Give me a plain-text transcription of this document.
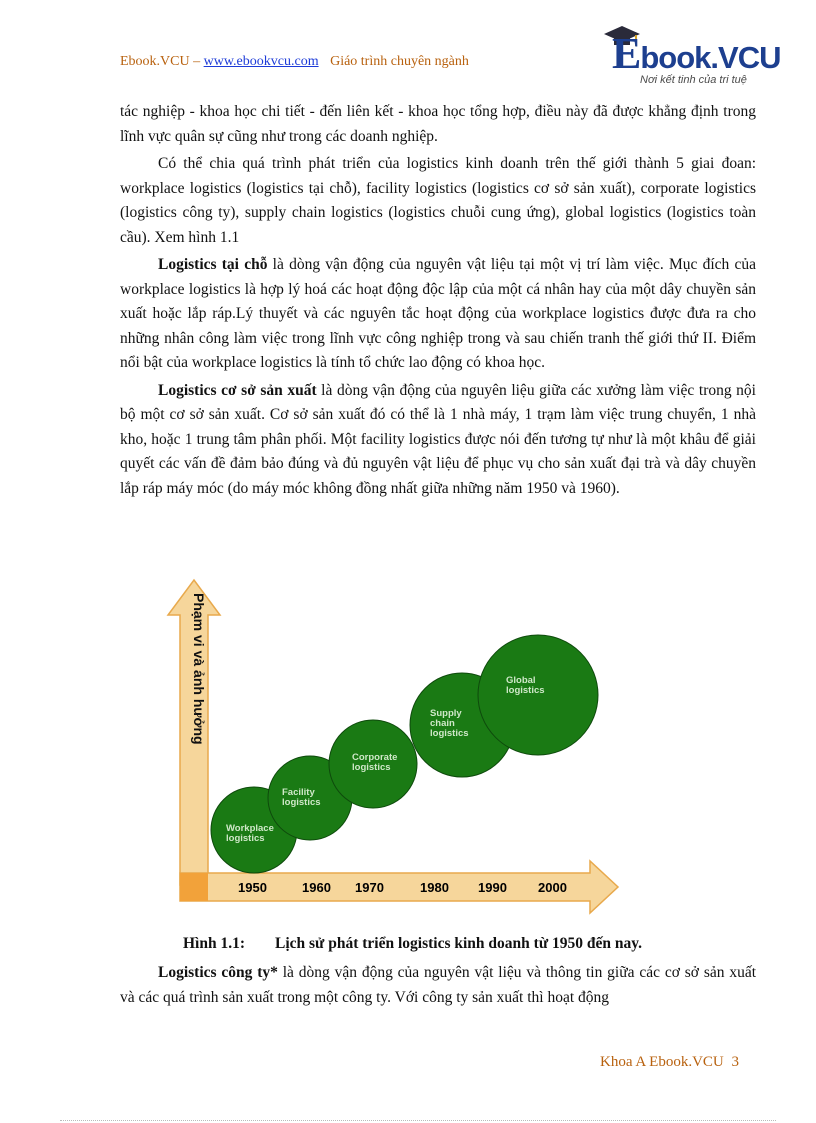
Ebook.VCU – www.ebookvcu.com Giáo trình chuyên ngành	Ebook.VCU
Nơi kết tinh của tri tuệ

tác nghiệp - khoa học chi tiết - đến liên kết - khoa học tổng hợp, điều này đã được khẳng định trong lĩnh vực quân sự cũng như trong các doanh nghiệp.

Có thể chia quá trình phát triển của logistics kinh doanh trên thế giới thành 5 giai đoan: workplace logistics (logistics tại chỗ), facility logistics (logistics cơ sở sản xuất), corporate logistics (logistics công ty), supply chain logistics (logistics chuỗi cung ứng), global logistics (logistics toàn cầu). Xem hình 1.1

Logistics tại chỗ là dòng vận động của nguyên vật liệu tại một vị trí làm việc. Mục đích của workplace logistics là hợp lý hoá các hoạt động độc lập của một cá nhân hay của một dây chuyền sản xuất hoặc lắp ráp.Lý thuyết và các nguyên tắc hoạt động của workplace logistics được đưa ra cho những nhân công làm việc trong lĩnh vực công nghiệp trong và sau chiến tranh thế giới thứ II. Điểm nổi bật của workplace logistics là tính tổ chức lao động có khoa học.

Logistics cơ sở sản xuất là dòng vận động của nguyên liệu giữa các xưởng làm việc trong nội bộ một cơ sở sản xuất. Cơ sở sản xuất đó có thể là 1 nhà máy, 1 trạm làm việc trung chuyển, 1 nhà kho, hoặc 1 trung tâm phân phối. Một facility logistics được nói đến tương tự như là một khâu để giải quyết các vấn đề đảm bảo đúng và đủ nguyên vật liệu để phục vụ cho sản xuất đại trà và dây chuyền lắp ráp máy móc (do máy móc không đồng nhất giữa những năm 1950 và 1960).

Phạm vi và ảnh hưởng
1950	1960 1970	1980 1990 2000
Workplace
logistics
Facility
logistics
Corporate
logistics
Supply
chain
logistics
Global
logistics
Hình 1.1: Lịch sử phát triển logistics kinh doanh từ 1950 đến nay.

Logistics công ty* là dòng vận động của nguyên vật liệu và thông tin giữa các cơ sở sản xuất và các quá trình sản xuất trong một công ty. Với công ty sản xuất thì hoạt động

Khoa A Ebook.VCU 3
